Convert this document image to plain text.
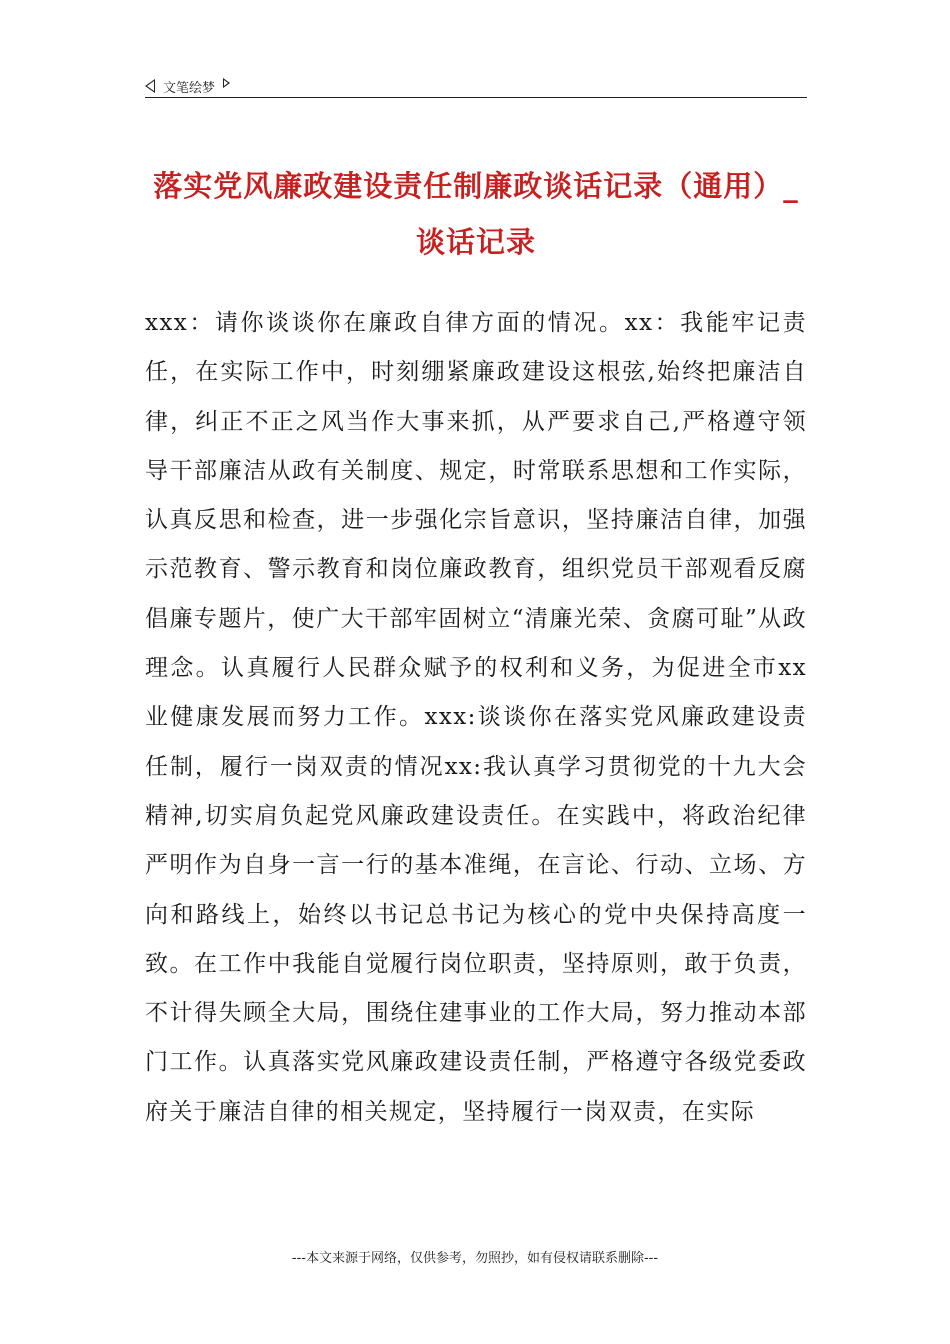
文笔绘梦
落实党风廉政建设责任制廉政谈话记录（通用）_谈话记录

xxx：请你谈谈你在廉政自律方面的情况。xx：我能牢记责任，在实际工作中，时刻绷紧廉政建设这根弦,始终把廉洁自律，纠正不正之风当作大事来抓，从严要求自己,严格遵守领导干部廉洁从政有关制度、规定，时常联系思想和工作实际，认真反思和检查，进一步强化宗旨意识，坚持廉洁自律，加强示范教育、警示教育和岗位廉政教育，组织党员干部观看反腐倡廉专题片，使广大干部牢固树立“清廉光荣、贪腐可耻”从政理念。认真履行人民群众赋予的权利和义务，为促进全市xx业健康发展而努力工作。xxx:谈谈你在落实党风廉政建设责任制，履行一岗双责的情况xx:我认真学习贯彻党的十九大会精神,切实肩负起党风廉政建设责任。在实践中，将政治纪律严明作为自身一言一行的基本准绳，在言论、行动、立场、方向和路线上，始终以书记总书记为核心的党中央保持高度一致。在工作中我能自觉履行岗位职责，坚持原则，敢于负责，不计得失顾全大局，围绕住建事业的工作大局，努力推动本部门工作。认真落实党风廉政建设责任制，严格遵守各级党委政府关于廉洁自律的相关规定，坚持履行一岗双责，在实际

---本文来源于网络，仅供参考，勿照抄，如有侵权请联系删除---
